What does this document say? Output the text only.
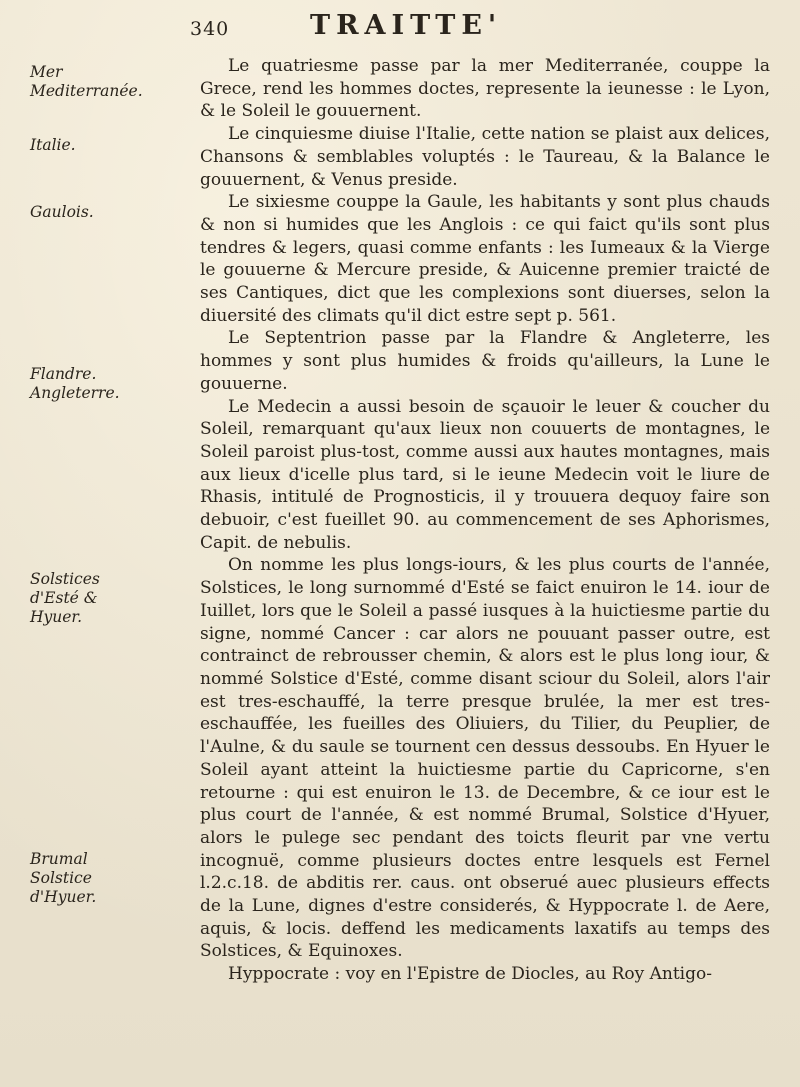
340	TRAITTE'
Mer Mediterranée.
Italie.
Gaulois.
Flandre. Angleterre.
Solstices d'Esté & Hyuer.
Brumal Solstice d'Hyuer.

Le quatriesme passe par la mer Mediterranée, couppe la Grece, rend les hommes doctes, represente la ieunesse : le Lyon, & le Soleil le gouuernent.

Le cinquiesme diuise l'Italie, cette nation se plaist aux delices, Chansons & semblables voluptés : le Taureau, & la Balance le gouuernent, & Venus preside.

Le sixiesme couppe la Gaule, les habitants y sont plus chauds & non si humides que les Anglois : ce qui faict qu'ils sont plus tendres & legers, quasi comme enfants : les Iumeaux & la Vierge le gouuerne & Mercure preside, & Auicenne premier traicté de ses Cantiques, dict que les complexions sont diuerses, selon la diuersité des climats qu'il dict estre sept p. 561.

Le Septentrion passe par la Flandre & Angleterre, les hommes y sont plus humides & froids qu'ailleurs, la Lune le gouuerne.

Le Medecin a aussi besoin de sçauoir le leuer & coucher du Soleil, remarquant qu'aux lieux non couuerts de montagnes, le Soleil paroist plus-tost, comme aussi aux hautes montagnes, mais aux lieux d'icelle plus tard, si le ieune Medecin voit le liure de Rhasis, intitulé de Prognosticis, il y trouuera dequoy faire son debuoir, c'est fueillet 90. au commencement de ses Aphorismes, Capit. de nebulis.

On nomme les plus longs-iours, & les plus courts de l'année, Solstices, le long surnommé d'Esté se faict enuiron le 14. iour de Iuillet, lors que le Soleil a passé iusques à la huictiesme partie du signe, nommé Cancer : car alors ne pouuant passer outre, est contrainct de rebrousser chemin, & alors est le plus long iour, & nommé Solstice d'Esté, comme disant sciour du Soleil, alors l'air est tres-eschauffé, la terre presque brulée, la mer est tres-eschauffée, les fueilles des Oliuiers, du Tilier, du Peuplier, de l'Aulne, & du saule se tournent cen dessus dessoubs. En Hyuer le Soleil ayant atteint la huictiesme partie du Capricorne, s'en retourne : qui est enuiron le 13. de Decembre, & ce iour est le plus court de l'année, & est nommé Brumal, Solstice d'Hyuer, alors le pulege sec pendant des toicts fleurit par vne vertu incognuë, comme plusieurs doctes entre lesquels est Fernel l.2.c.18. de abditis rer. caus. ont obserué auec plusieurs effects de la Lune, dignes d'estre considerés, & Hyppocrate l. de Aere, aquis, & locis. deffend les medicaments laxatifs au temps des Solstices, & Equinoxes.

Hyppocrate : voy en l'Epistre de Diocles, au Roy Antigo-
